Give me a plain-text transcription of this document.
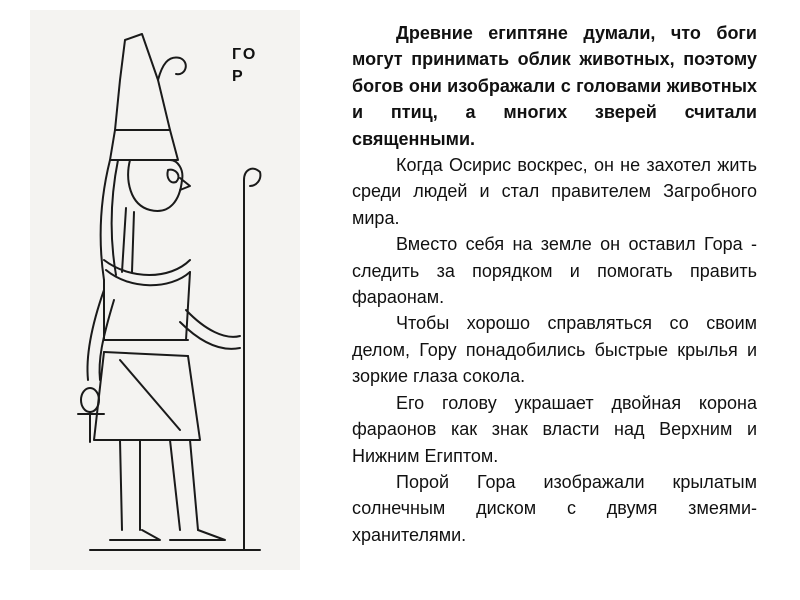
ГОР

Древние египтяне думали, что боги могут принимать облик животных, поэтому богов они изображали с головами животных и птиц, а многих зверей считали священными.

Когда Осирис воскрес, он не захотел жить среди людей и стал правителем Загробного мира.

Вместо себя на земле он оставил Гора - следить за порядком и помогать править фараонам.

Чтобы хорошо справляться со своим делом, Гору понадобились быстрые крылья и зоркие глаза сокола.

Его голову украшает двойная корона фараонов как знак власти над Верхним и Нижним Египтом.

Порой Гора изображали крылатым солнечным диском с двумя змеями-хранителями.
